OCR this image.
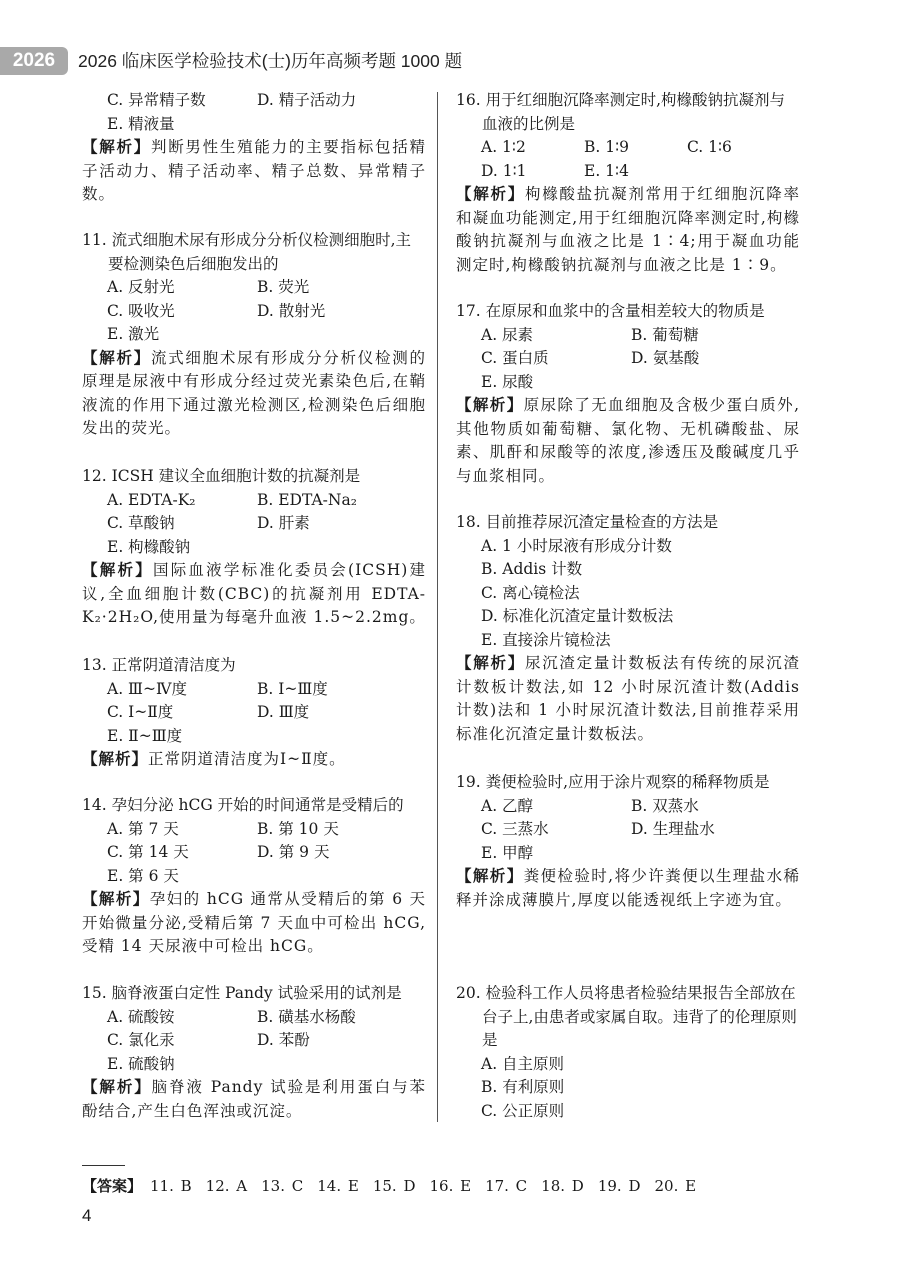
2026	2026 临床医学检验技术(士)历年高频考题 1000 题
C. 异常精子数	D. 精子活动力
E. 精液量
【解析】判断男性生殖能力的主要指标包括精子活动力、精子活动率、精子总数、异常精子数。
11. 流式细胞术尿有形成分分析仪检测细胞时,主要检测染色后细胞发出的
A. 反射光	B. 荧光
C. 吸收光	D. 散射光
E. 激光
【解析】流式细胞术尿有形成分分析仪检测的原理是尿液中有形成分经过荧光素染色后,在鞘液流的作用下通过激光检测区,检测染色后细胞发出的荧光。
12. ICSH 建议全血细胞计数的抗凝剂是
A. EDTA-K₂	B. EDTA-Na₂
C. 草酸钠	D. 肝素
E. 枸橼酸钠
【解析】国际血液学标准化委员会(ICSH)建议,全血细胞计数(CBC)的抗凝剂用 EDTA-K₂·2H₂O,使用量为每毫升血液 1.5~2.2mg。
13. 正常阴道清洁度为
A. Ⅲ~Ⅳ度	B. Ⅰ~Ⅲ度
C. Ⅰ~Ⅱ度	D. Ⅲ度
E. Ⅱ~Ⅲ度
【解析】正常阴道清洁度为Ⅰ~Ⅱ度。
14. 孕妇分泌 hCG 开始的时间通常是受精后的
A. 第 7 天	B. 第 10 天
C. 第 14 天	D. 第 9 天
E. 第 6 天
【解析】孕妇的 hCG 通常从受精后的第 6 天开始微量分泌,受精后第 7 天血中可检出 hCG,受精 14 天尿液中可检出 hCG。
15. 脑脊液蛋白定性 Pandy 试验采用的试剂是
A. 硫酸铵	B. 磺基水杨酸
C. 氯化汞	D. 苯酚
E. 硫酸钠
【解析】脑脊液 Pandy 试验是利用蛋白与苯酚结合,产生白色浑浊或沉淀。
16. 用于红细胞沉降率测定时,枸橼酸钠抗凝剂与血液的比例是
A. 1∶2	B. 1∶9	C. 1∶6
D. 1∶1	E. 1∶4
【解析】枸橼酸盐抗凝剂常用于红细胞沉降率和凝血功能测定,用于红细胞沉降率测定时,枸橼酸钠抗凝剂与血液之比是 1∶4;用于凝血功能测定时,枸橼酸钠抗凝剂与血液之比是 1∶9。
17. 在原尿和血浆中的含量相差较大的物质是
A. 尿素	B. 葡萄糖
C. 蛋白质	D. 氨基酸
E. 尿酸
【解析】原尿除了无血细胞及含极少蛋白质外,其他物质如葡萄糖、氯化物、无机磷酸盐、尿素、肌酐和尿酸等的浓度,渗透压及酸碱度几乎与血浆相同。
18. 目前推荐尿沉渣定量检查的方法是
A. 1 小时尿液有形成分计数
B. Addis 计数
C. 离心镜检法
D. 标准化沉渣定量计数板法
E. 直接涂片镜检法
【解析】尿沉渣定量计数板法有传统的尿沉渣计数板计数法,如 12 小时尿沉渣计数(Addis 计数)法和 1 小时尿沉渣计数法,目前推荐采用标准化沉渣定量计数板法。
19. 粪便检验时,应用于涂片观察的稀释物质是
A. 乙醇	B. 双蒸水
C. 三蒸水	D. 生理盐水
E. 甲醇
【解析】粪便检验时,将少许粪便以生理盐水稀释并涂成薄膜片,厚度以能透视纸上字迹为宜。
20. 检验科工作人员将患者检验结果报告全部放在台子上,由患者或家属自取。违背了的伦理原则是
A. 自主原则
B. 有利原则
C. 公正原则
【答案】 11. B 12. A 13. C 14. E 15. D 16. E 17. C 18. D 19. D 20. E
4
